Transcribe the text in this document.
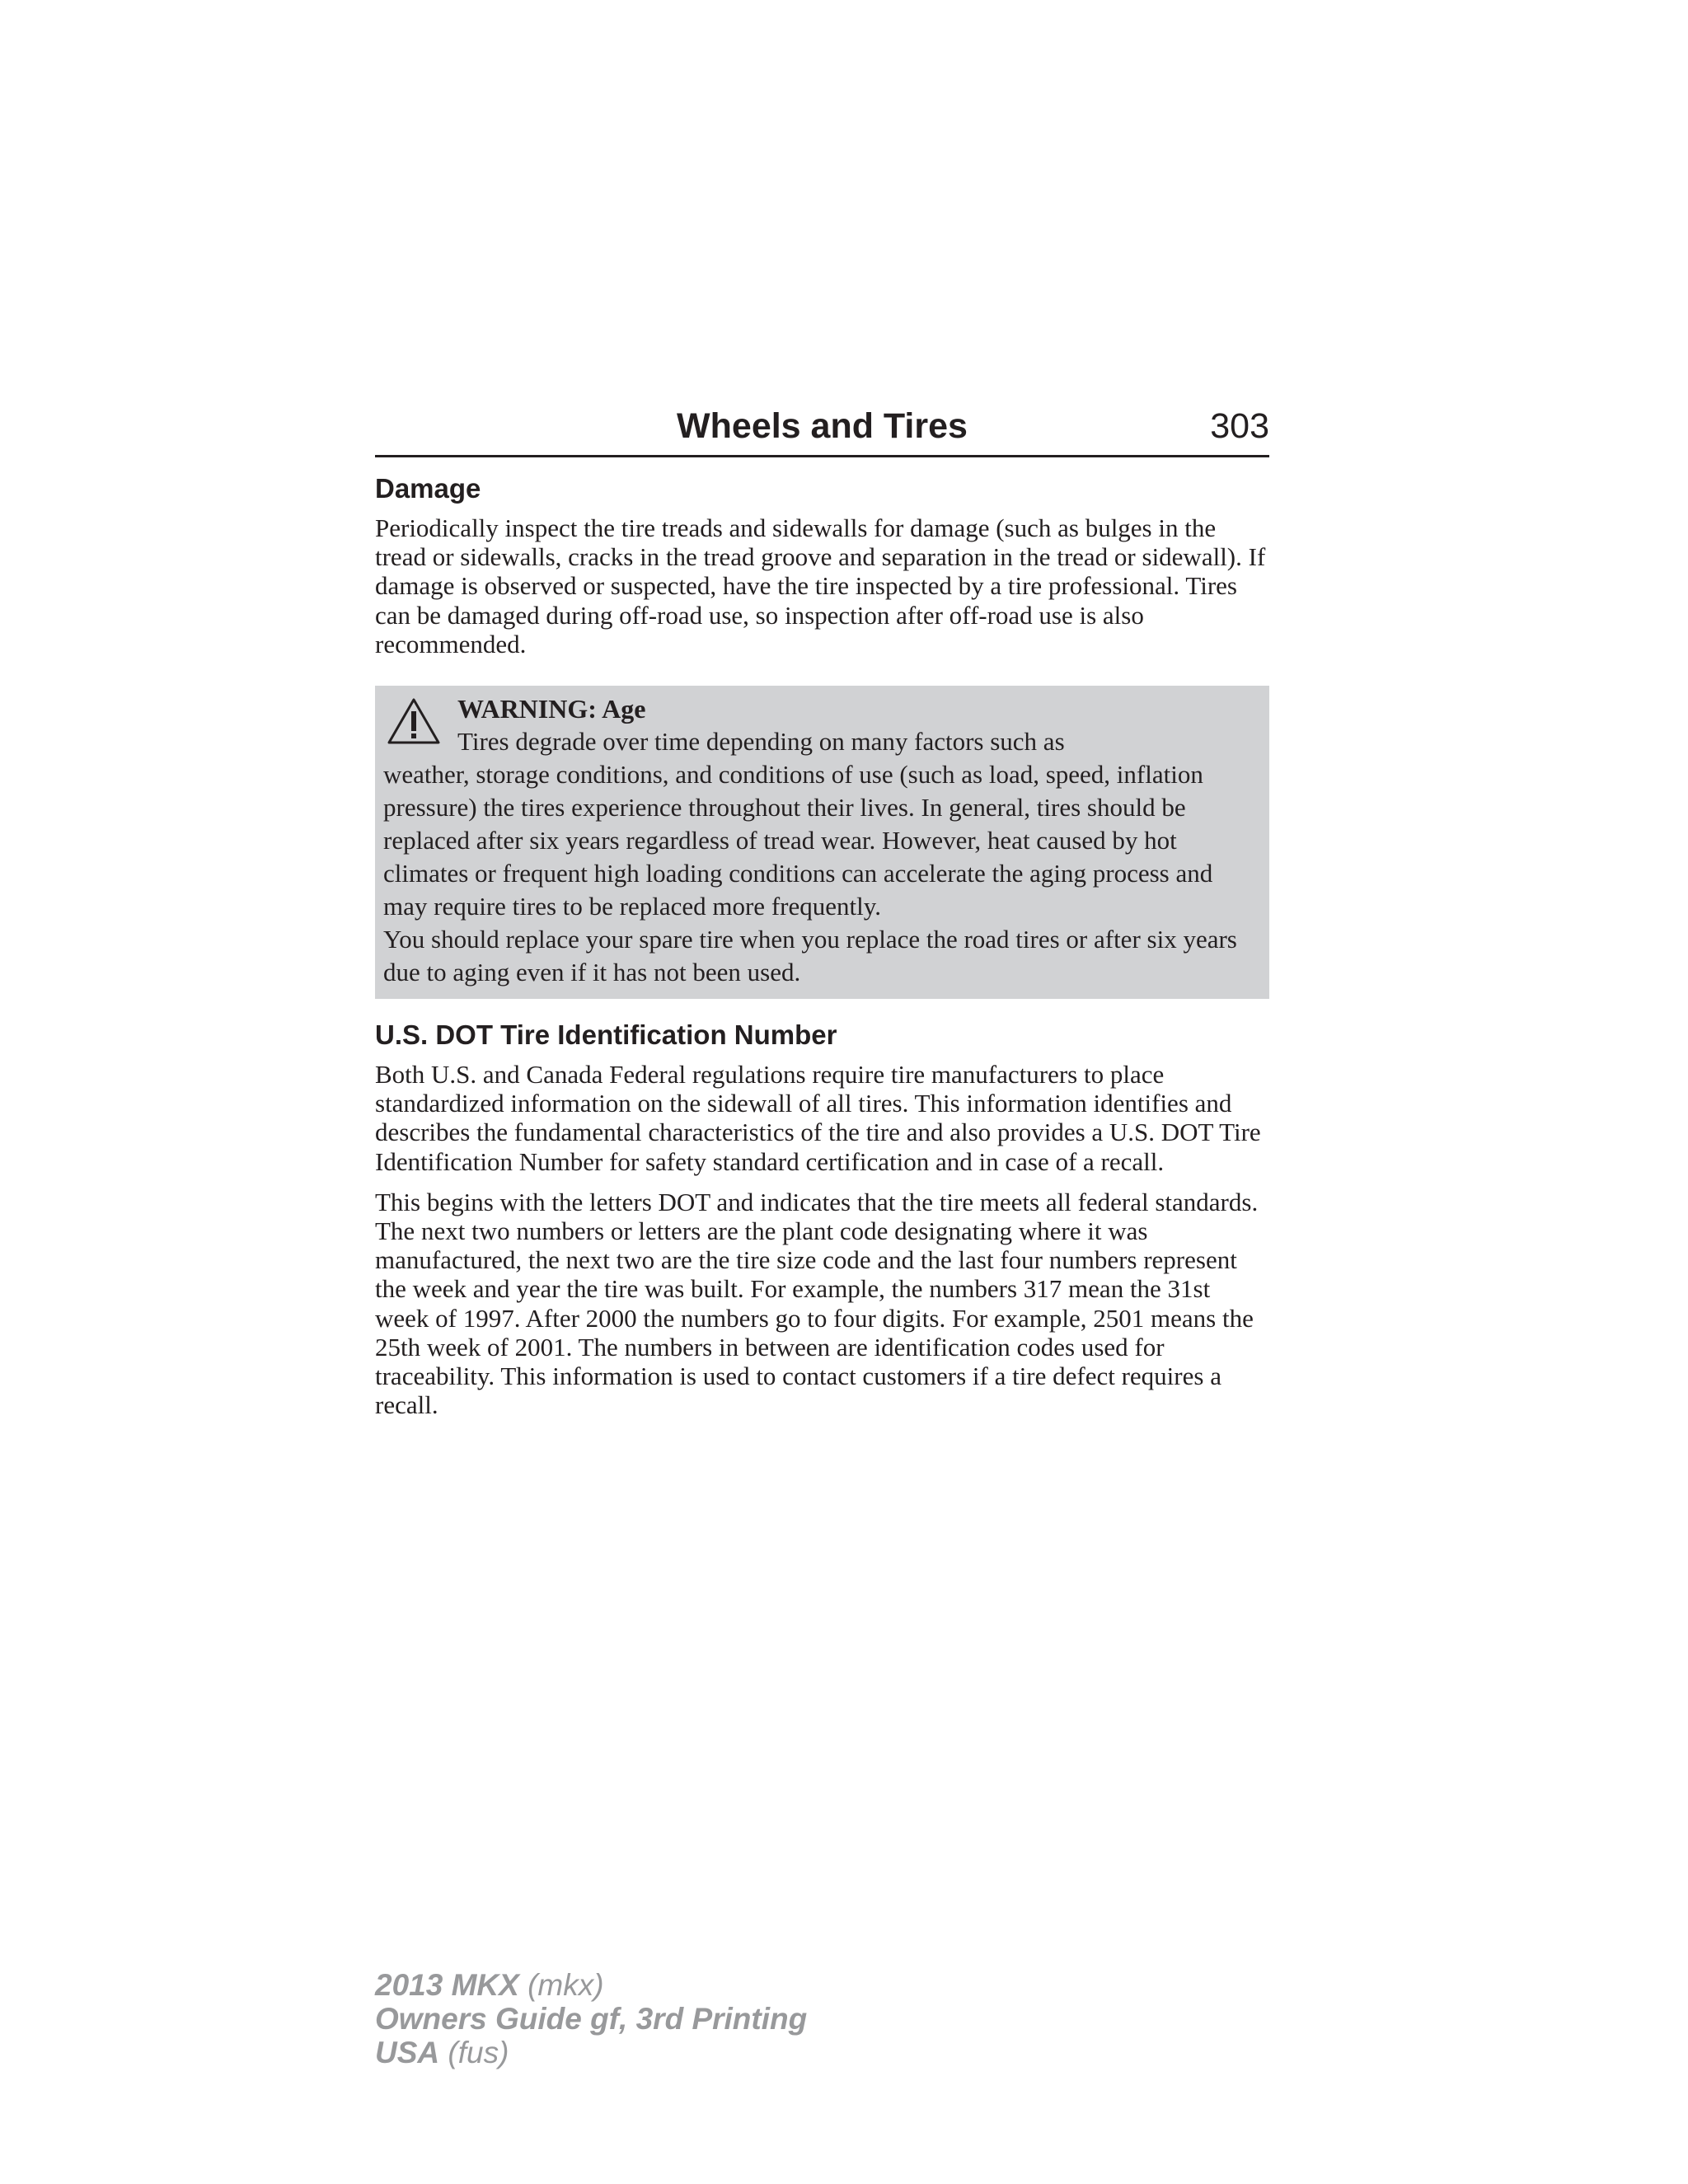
Wheels and Tires	303
Damage

Periodically inspect the tire treads and sidewalls for damage (such as bulges in the tread or sidewalls, cracks in the tread groove and separation in the tread or sidewall). If damage is observed or suspected, have the tire inspected by a tire professional. Tires can be damaged during off-road use, so inspection after off-road use is also recommended.

WARNING: Age

Tires degrade over time depending on many factors such as

weather, storage conditions, and conditions of use (such as load, speed, inflation pressure) the tires experience throughout their lives. In general, tires should be replaced after six years regardless of tread wear. However, heat caused by hot climates or frequent high loading conditions can accelerate the aging process and may require tires to be replaced more frequently.

You should replace your spare tire when you replace the road tires or after six years due to aging even if it has not been used.

U.S. DOT Tire Identification Number

Both U.S. and Canada Federal regulations require tire manufacturers to place standardized information on the sidewall of all tires. This information identifies and describes the fundamental characteristics of the tire and also provides a U.S. DOT Tire Identification Number for safety standard certification and in case of a recall.

This begins with the letters DOT and indicates that the tire meets all federal standards. The next two numbers or letters are the plant code designating where it was manufactured, the next two are the tire size code and the last four numbers represent the week and year the tire was built. For example, the numbers 317 mean the 31st week of 1997. After 2000 the numbers go to four digits. For example, 2501 means the 25th week of 2001. The numbers in between are identification codes used for traceability. This information is used to contact customers if a tire defect requires a recall.

2013 MKX (mkx)
Owners Guide gf, 3rd Printing
USA (fus)
